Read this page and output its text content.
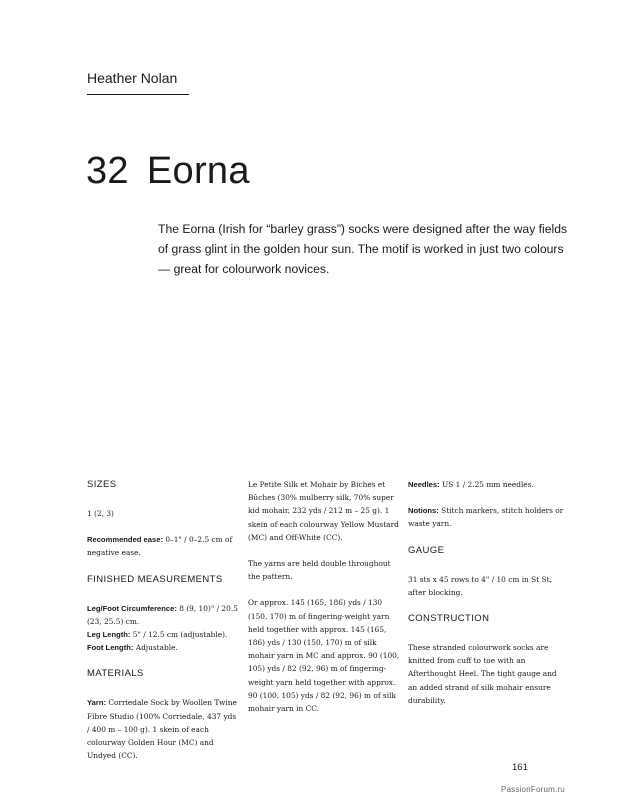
Heather Nolan
32 Eorna
The Eorna (Irish for “barley grass”) socks were designed after the way fields of grass glint in the golden hour sun. The motif is worked in just two colours — great for colourwork novices.
SIZES
1 (2, 3)
Recommended ease: 0–1" / 0–2.5 cm of negative ease.
FINISHED MEASUREMENTS
Leg/Foot Circumference: 8 (9, 10)" / 20.5 (23, 25.5) cm.
Leg Length: 5" / 12.5 cm (adjustable).
Foot Length: Adjustable.
MATERIALS
Yarn: Corriedale Sock by Woollen Twine Fibre Studio (100% Corriedale, 437 yds / 400 m – 100 g). 1 skein of each colourway Golden Hour (MC) and Undyed (CC).
Le Petite Silk et Mohair by Biches et Bûches (30% mulberry silk, 70% super kid mohair, 232 yds / 212 m – 25 g). 1 skein of each colourway Yellow Mustard (MC) and Off-White (CC).
The yarns are held double throughout the pattern.
Or approx. 145 (165, 186) yds / 130 (150, 170) m of fingering-weight yarn held together with approx. 145 (165, 186) yds / 130 (150, 170) m of silk mohair yarn in MC and approx. 90 (100, 105) yds / 82 (92, 96) m of fingering-weight yarn held together with approx. 90 (100, 105) yds / 82 (92, 96) m of silk mohair yarn in CC.
Needles: US 1 / 2.25 mm needles.
Notions: Stitch markers, stitch holders or waste yarn.
GAUGE
31 sts x 45 rows to 4" / 10 cm in St St, after blocking.
CONSTRUCTION
These stranded colourwork socks are knitted from cuff to toe with an Afterthought Heel. The tight gauge and an added strand of silk mohair ensure durability.
161
PassionForum.ru
